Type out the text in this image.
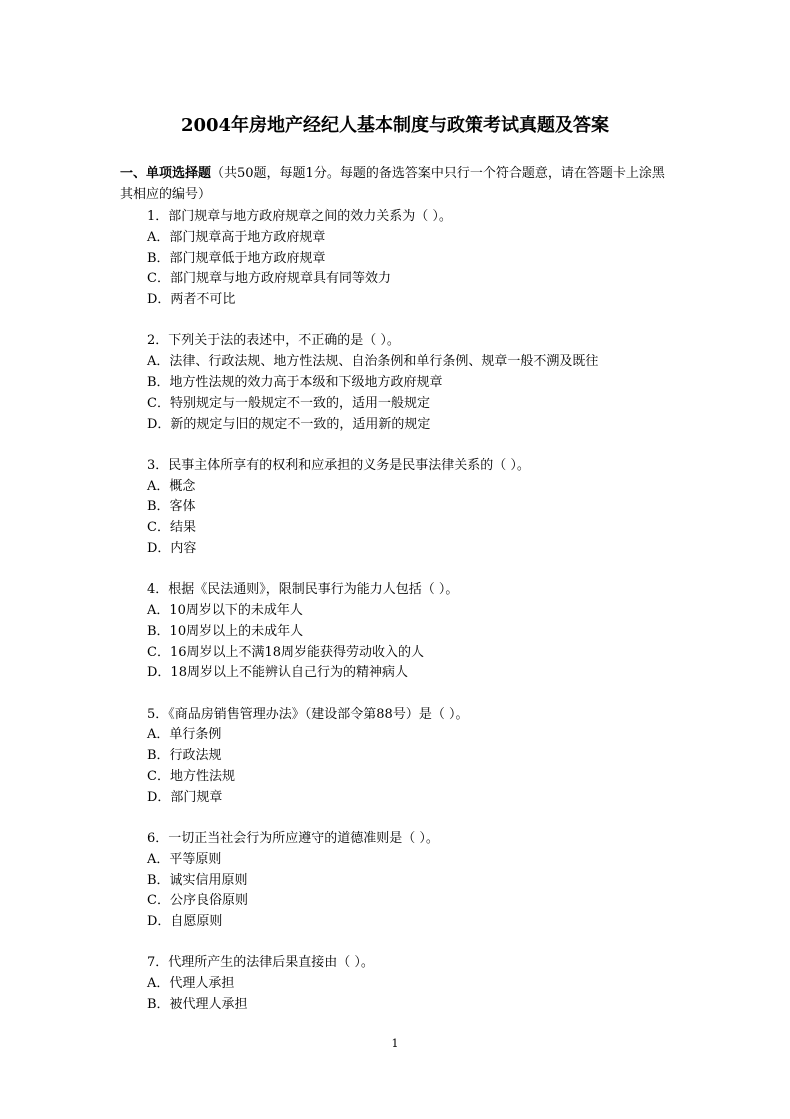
2004年房地产经纪人基本制度与政策考试真题及答案
一、单项选择题（共50题，每题1分。每题的备选答案中只行一个符合题意，请在答题卡上涂黑其相应的编号）
1．部门规章与地方政府规章之间的效力关系为（ ）。
A．部门规章高于地方政府规章
B．部门规章低于地方政府规章
C．部门规章与地方政府规章具有同等效力
D．两者不可比
2．下列关于法的表述中，不正确的是（ ）。
A．法律、行政法规、地方性法规、自治条例和单行条例、规章一般不溯及既往
B．地方性法规的效力高于本级和下级地方政府规章
C．特别规定与一般规定不一致的，适用一般规定
D．新的规定与旧的规定不一致的，适用新的规定
3．民事主体所享有的权利和应承担的义务是民事法律关系的（ ）。
A．概念
B．客体
C．结果
D．内容
4．根据《民法通则》，限制民事行为能力人包括（ ）。
A．10周岁以下的未成年人
B．10周岁以上的未成年人
C．16周岁以上不满18周岁能获得劳动收入的人
D．18周岁以上不能辨认自己行为的精神病人
5．《商品房销售管理办法》（建设部令第88号）是（ ）。
A．单行条例
B．行政法规
C．地方性法规
D．部门规章
6．一切正当社会行为所应遵守的道德准则是（ ）。
A．平等原则
B．诚实信用原则
C．公序良俗原则
D．自愿原则
7．代理所产生的法律后果直接由（ ）。
A．代理人承担
B．被代理人承担
1
